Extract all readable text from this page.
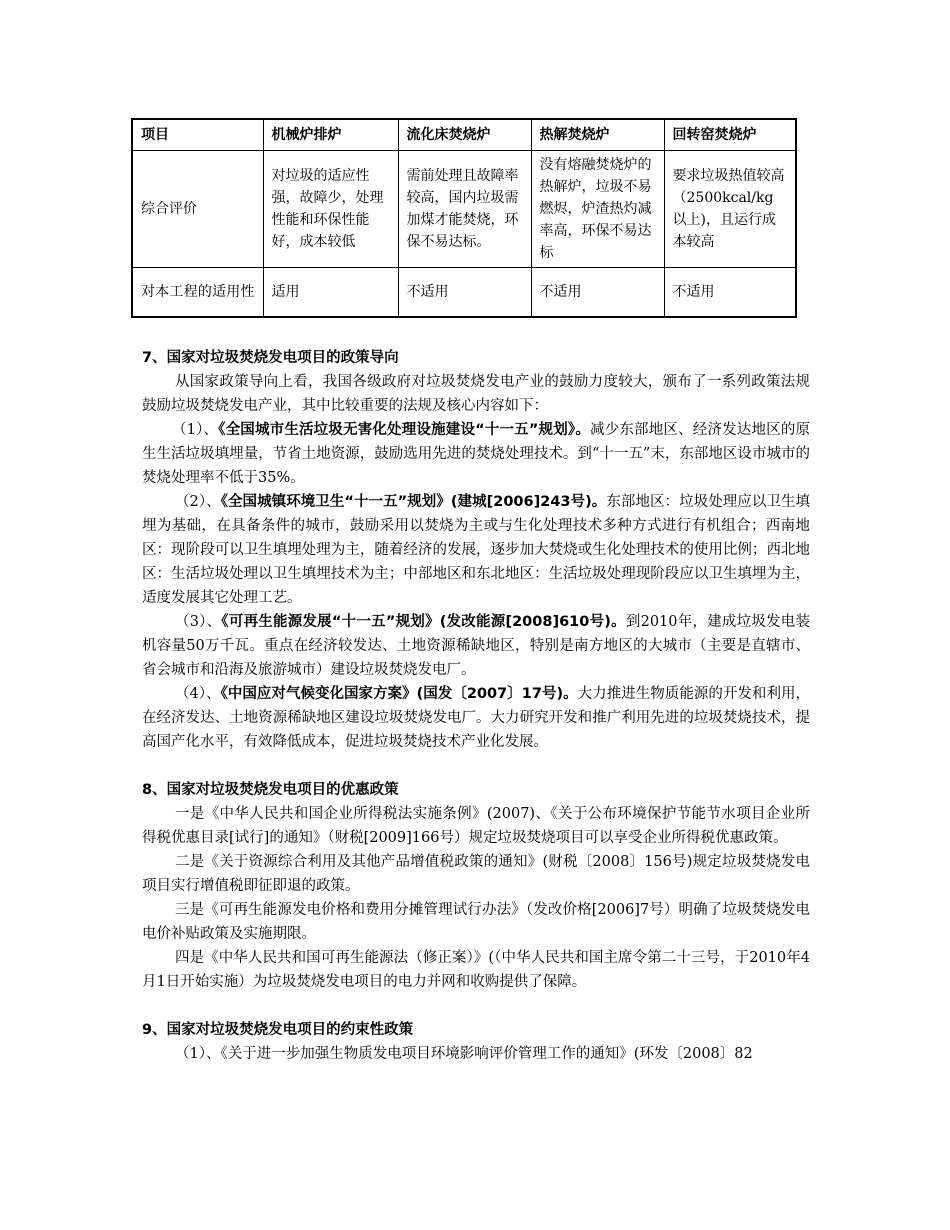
项目	机械炉排炉	流化床焚烧炉	热解焚烧炉	回转窑焚烧炉
综合评价	对垃圾的适应性强，故障少，处理性能和环保性能好，成本较低	需前处理且故障率较高，国内垃圾需加煤才能焚烧，环保不易达标。	没有熔融焚烧炉的热解炉，垃圾不易燃烬，炉渣热灼减率高，环保不易达标	要求垃圾热值较高（2500kcal/kg以上)，且运行成本较高
对本工程的适用性	适用	不适用	不适用	不适用
7、国家对垃圾焚烧发电项目的政策导向

从国家政策导向上看，我国各级政府对垃圾焚烧发电产业的鼓励力度较大，颁布了一系列政策法规鼓励垃圾焚烧发电产业，其中比较重要的法规及核心内容如下：

（1）、《全国城市生活垃圾无害化处理设施建设“十一五”规划》。减少东部地区、经济发达地区的原生生活垃圾填埋量，节省土地资源，鼓励选用先进的焚烧处理技术。到“十一五”末，东部地区设市城市的焚烧处理率不低于35%。

（2）、《全国城镇环境卫生“十一五”规划》(建城[2006]243号)。东部地区：垃圾处理应以卫生填埋为基础，在具备条件的城市，鼓励采用以焚烧为主或与生化处理技术多种方式进行有机组合；西南地区：现阶段可以卫生填埋处理为主，随着经济的发展，逐步加大焚烧或生化处理技术的使用比例；西北地区：生活垃圾处理以卫生填埋技术为主；中部地区和东北地区：生活垃圾处理现阶段应以卫生填埋为主，适度发展其它处理工艺。

（3）、《可再生能源发展“十一五”规划》(发改能源[2008]610号)。到2010年，建成垃圾发电装机容量50万千瓦。重点在经济较发达、土地资源稀缺地区，特别是南方地区的大城市（主要是直辖市、省会城市和沿海及旅游城市）建设垃圾焚烧发电厂。

（4）、《中国应对气候变化国家方案》(国发〔2007〕17号)。大力推进生物质能源的开发和利用，在经济发达、土地资源稀缺地区建设垃圾焚烧发电厂。大力研究开发和推广利用先进的垃圾焚烧技术，提高国产化水平，有效降低成本，促进垃圾焚烧技术产业化发展。

8、国家对垃圾焚烧发电项目的优惠政策

一是《中华人民共和国企业所得税法实施条例》(2007)、《关于公布环境保护节能节水项目企业所得税优惠目录[试行]的通知》（财税[2009]166号）规定垃圾焚烧项目可以享受企业所得税优惠政策。

二是《关于资源综合利用及其他产品增值税政策的通知》(财税〔2008〕156号)规定垃圾焚烧发电项目实行增值税即征即退的政策。

三是《可再生能源发电价格和费用分摊管理试行办法》（发改价格[2006]7号）明确了垃圾焚烧发电电价补贴政策及实施期限。

四是《中华人民共和国可再生能源法（修正案）》(（中华人民共和国主席令第二十三号，于2010年4月1日开始实施）为垃圾焚烧发电项目的电力并网和收购提供了保障。

9、国家对垃圾焚烧发电项目的约束性政策

（1）、《关于进一步加强生物质发电项目环境影响评价管理工作的通知》(环发〔2008〕82
